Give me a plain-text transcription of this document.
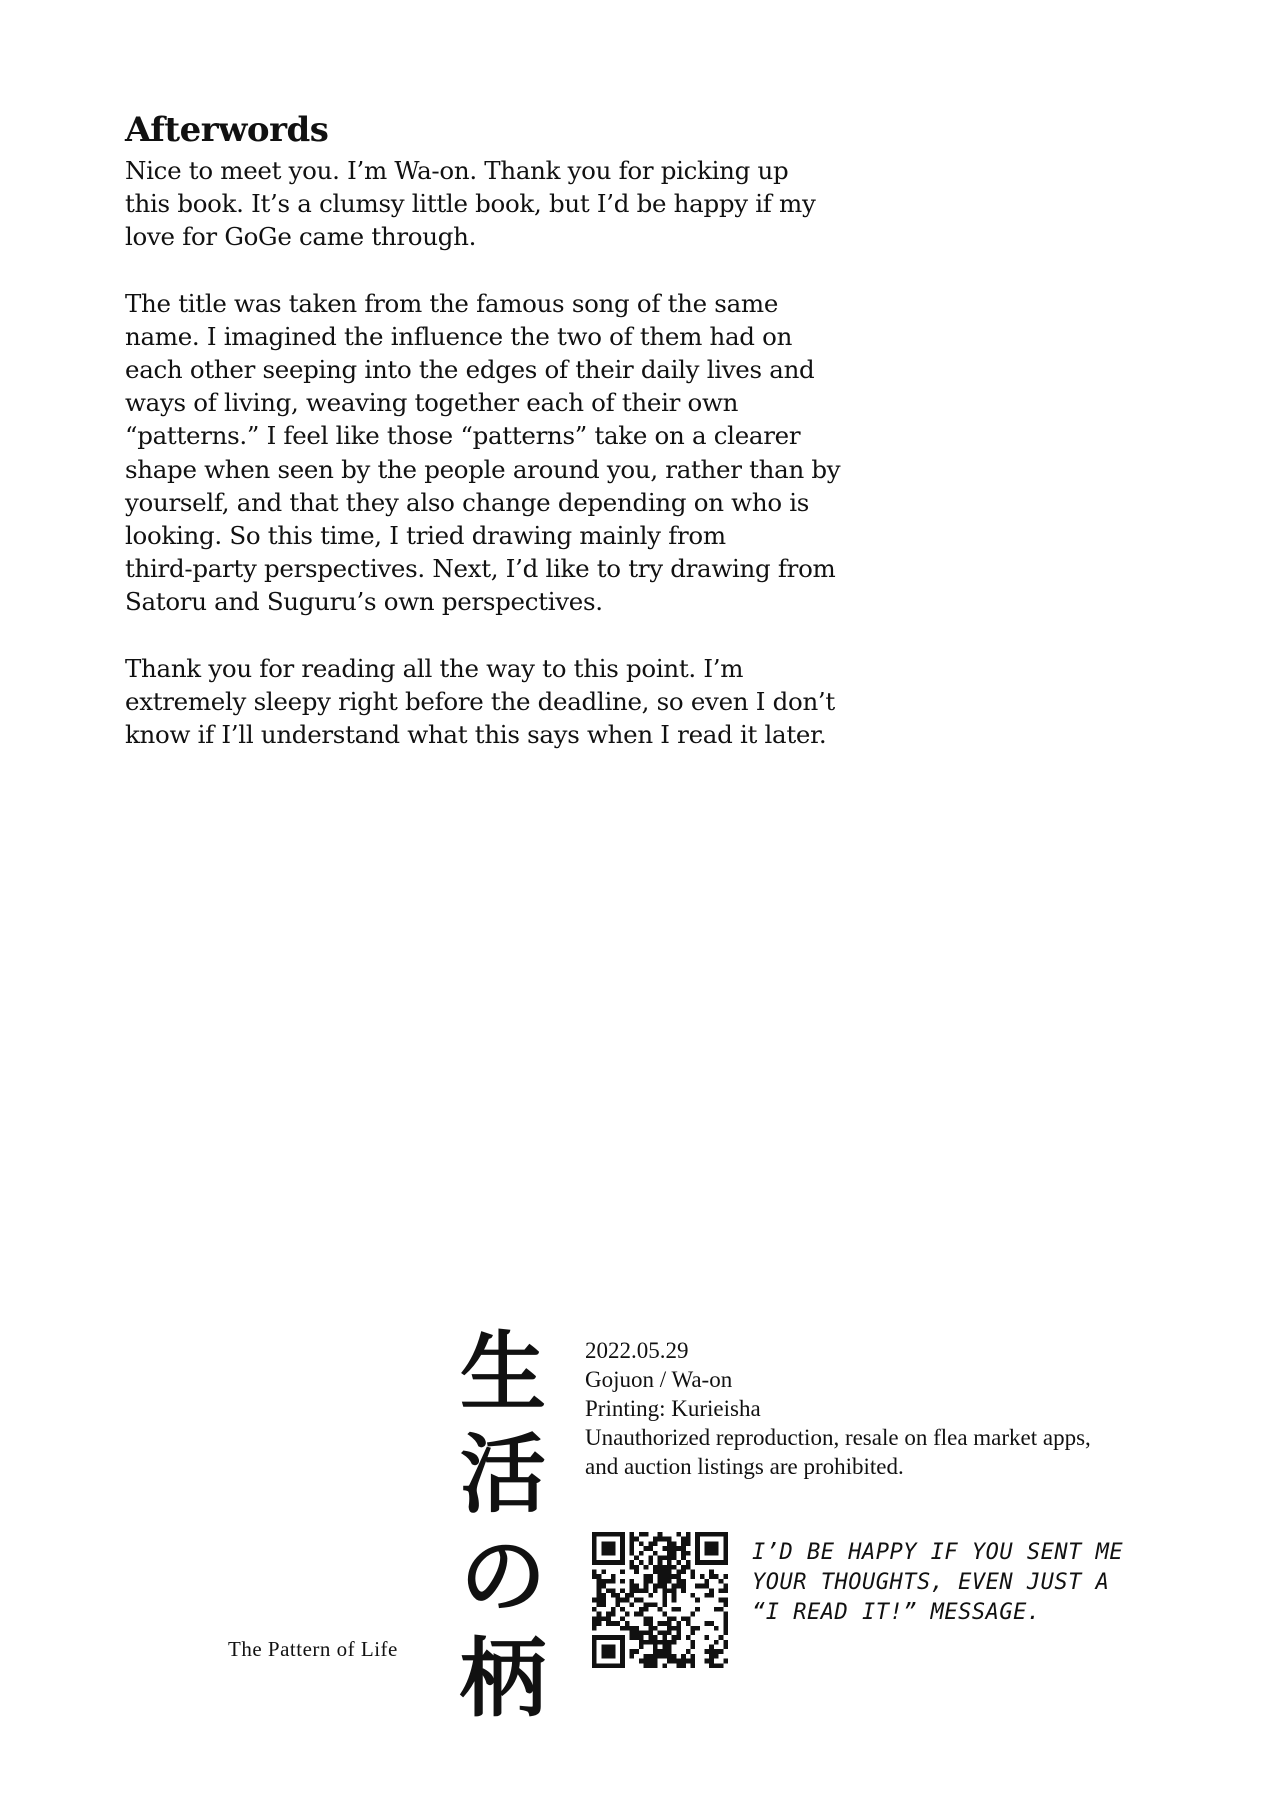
Afterwords

Nice to meet you. I’m Wa-on. Thank you for picking up
this book. It’s a clumsy little book, but I’d be happy if my
love for GoGe came through.

The title was taken from the famous song of the same
name. I imagined the influence the two of them had on
each other seeping into the edges of their daily lives and
ways of living, weaving together each of their own
“patterns.” I feel like those “patterns” take on a clearer
shape when seen by the people around you, rather than by
yourself, and that they also change depending on who is
looking. So this time, I tried drawing mainly from
third-party perspectives. Next, I’d like to try drawing from
Satoru and Suguru’s own perspectives.

Thank you for reading all the way to this point. I’m
extremely sleepy right before the deadline, so even I don’t
know if I’ll understand what this says when I read it later.

生
活
の
柄
The Pattern of Life
2022.05.29
Gojuon / Wa-on
Printing: Kurieisha
Unauthorized reproduction, resale on flea market apps,
and auction listings are prohibited.
I’D BE HAPPY IF YOU SENT ME
YOUR THOUGHTS, EVEN JUST A
“I READ IT!” MESSAGE.
